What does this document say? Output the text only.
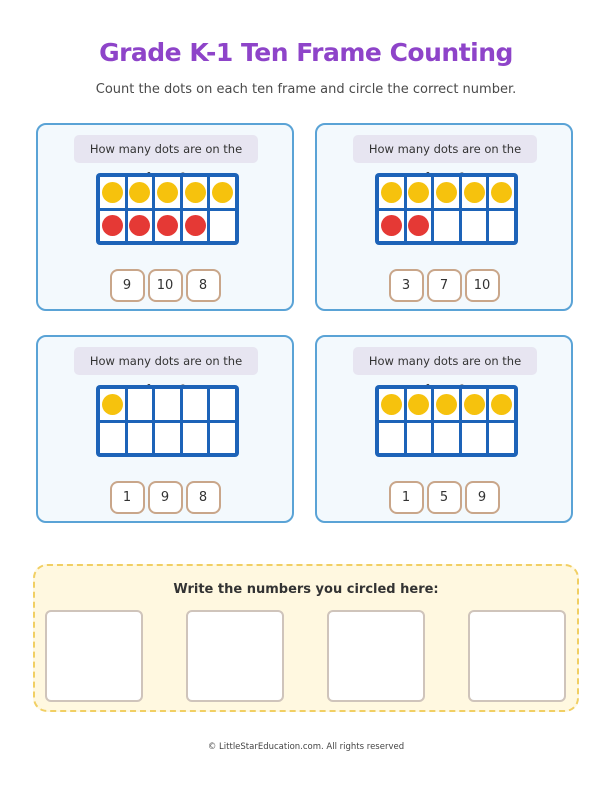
Grade K-1 Ten Frame Counting
Count the dots on each ten frame and circle the correct number.
How many dots are on the
9	10	8
How many dots are on the
3	7	10
How many dots are on the
1	9	8
How many dots are on the
1	5	9
Write the numbers you circled here:
© LittleStarEducation.com. All rights reserved
